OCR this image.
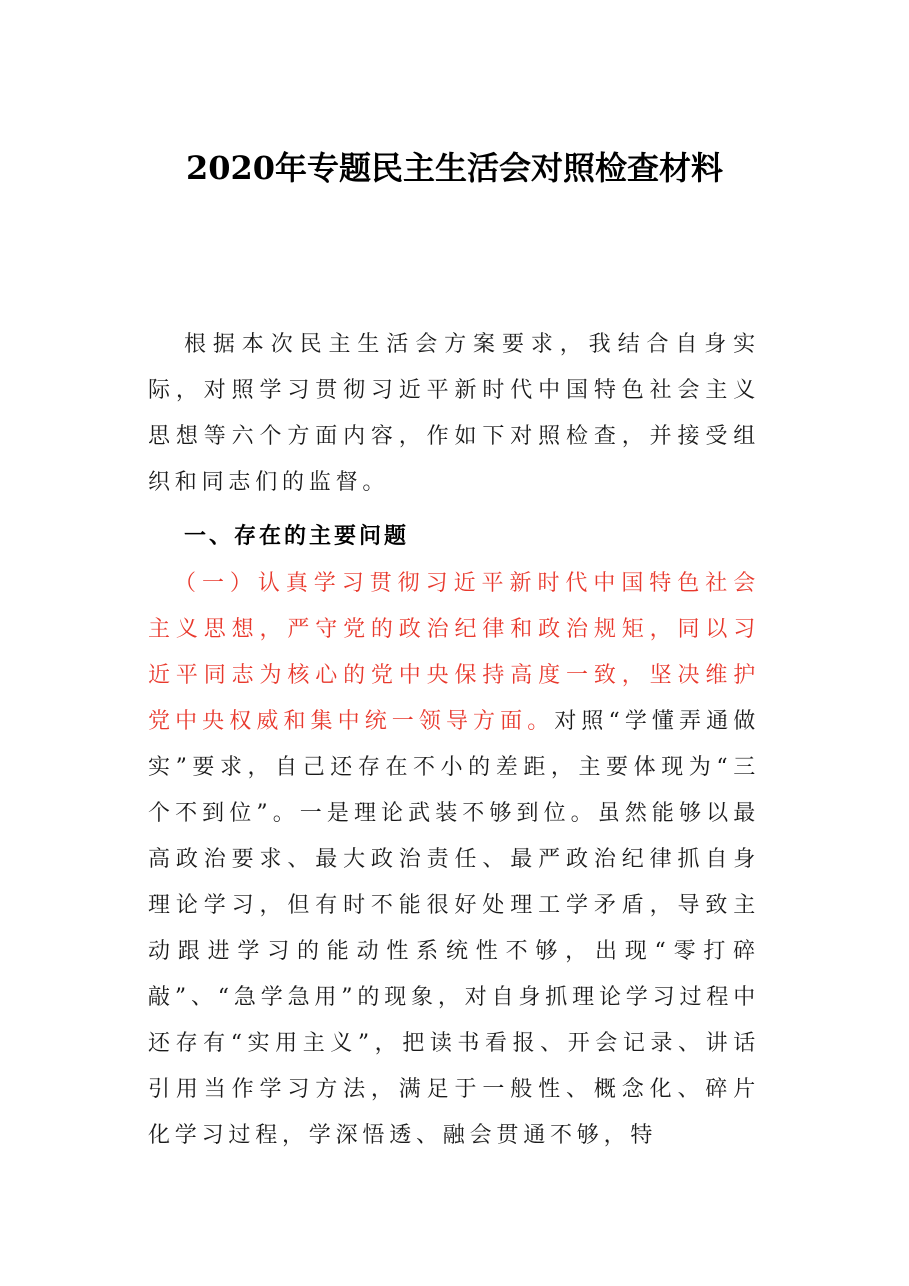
2020年专题民主生活会对照检查材料

根据本次民主生活会方案要求，我结合自身实际，对照学习贯彻习近平新时代中国特色社会主义思想等六个方面内容，作如下对照检查，并接受组织和同志们的监督。

一、存在的主要问题

（一）认真学习贯彻习近平新时代中国特色社会主义思想，严守党的政治纪律和政治规矩，同以习近平同志为核心的党中央保持高度一致，坚决维护党中央权威和集中统一领导方面。对照“学懂弄通做实”要求，自己还存在不小的差距，主要体现为“三个不到位”。一是理论武装不够到位。虽然能够以最高政治要求、最大政治责任、最严政治纪律抓自身理论学习，但有时不能很好处理工学矛盾，导致主动跟进学习的能动性系统性不够，出现“零打碎敲”、“急学急用”的现象，对自身抓理论学习过程中还存有“实用主义”，把读书看报、开会记录、讲话引用当作学习方法，满足于一般性、概念化、碎片化学习过程，学深悟透、融会贯通不够，特
